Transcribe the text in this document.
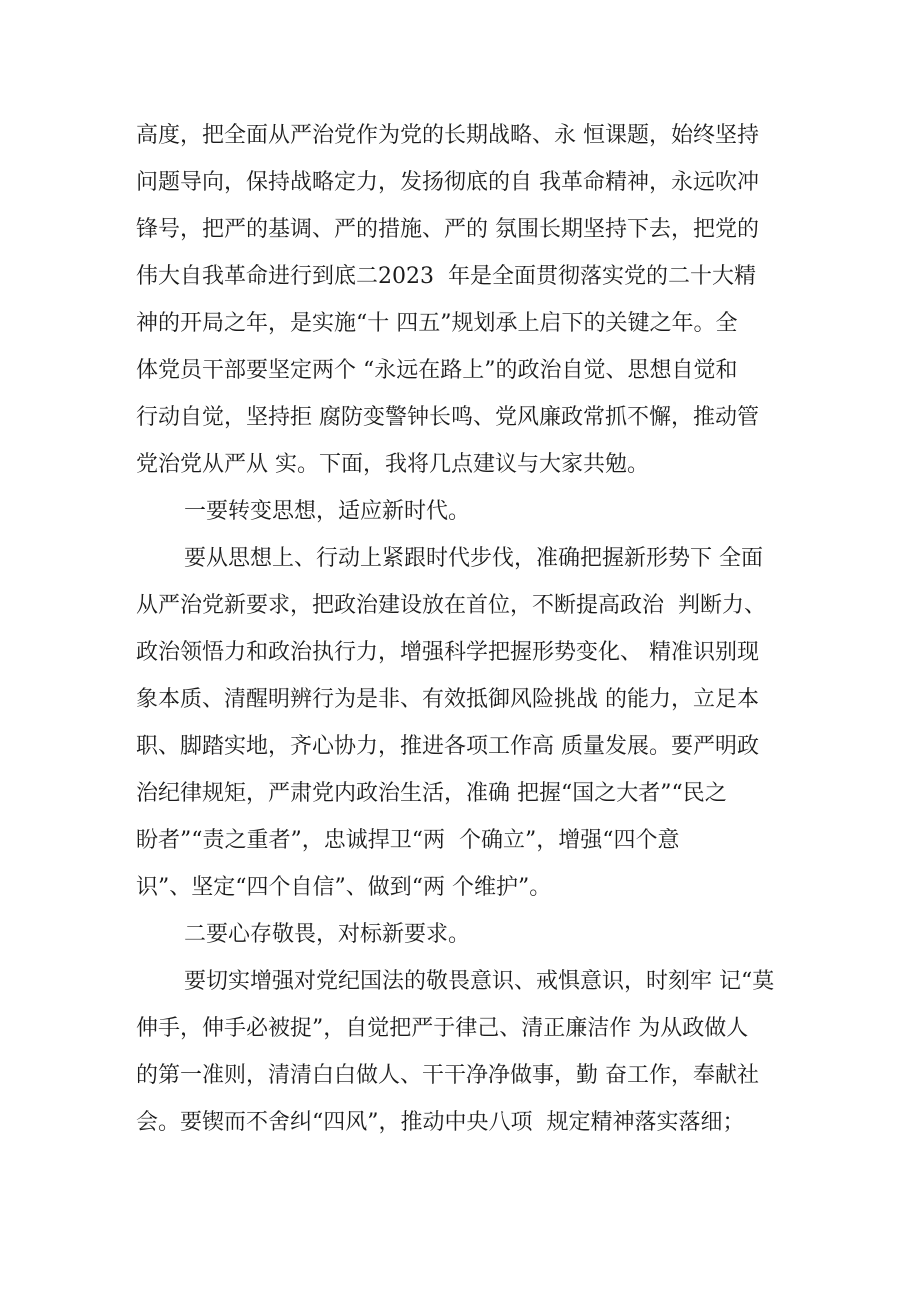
高度，把全面从严治党作为党的长期战略、永 恒课题，始终坚持
问题导向，保持战略定力，发扬彻底的自 我革命精神，永远吹冲
锋号，把严的基调、严的措施、严的 氛围长期坚持下去，把党的
伟大自我革命进行到底二2023  年是全面贯彻落实党的二十大精
神的开局之年，是实施“十 四五”规划承上启下的关键之年。全
体党员干部要坚定两个 “永远在路上”的政治自觉、思想自觉和
行动自觉，坚持拒 腐防变警钟长鸣、党风廉政常抓不懈，推动管
党治党从严从 实。下面，我将几点建议与大家共勉。
一要转变思想，适应新时代。
要从思想上、行动上紧跟时代步伐，准确把握新形势下 全面
从严治党新要求，把政治建设放在首位，不断提高政治  判断力、
政治领悟力和政治执行力，增强科学把握形势变化、 精准识别现
象本质、清醒明辨行为是非、有效抵御风险挑战 的能力，立足本
职、脚踏实地，齐心协力，推进各项工作高 质量发展。要严明政
治纪律规矩，严肃党内政治生活，准确 把握“国之大者”“民之
盼者”“责之重者”，忠诚捍卫“两  个确立”，增强“四个意
识”、坚定“四个自信”、做到“两 个维护”。
二要心存敬畏，对标新要求。
要切实增强对党纪国法的敬畏意识、戒惧意识，时刻牢 记“莫
伸手，伸手必被捉”，自觉把严于律己、清正廉洁作 为从政做人
的第一准则，清清白白做人、干干净净做事，勤 奋工作，奉献社
会。要锲而不舍纠“四风”，推动中央八项  规定精神落实落细；
